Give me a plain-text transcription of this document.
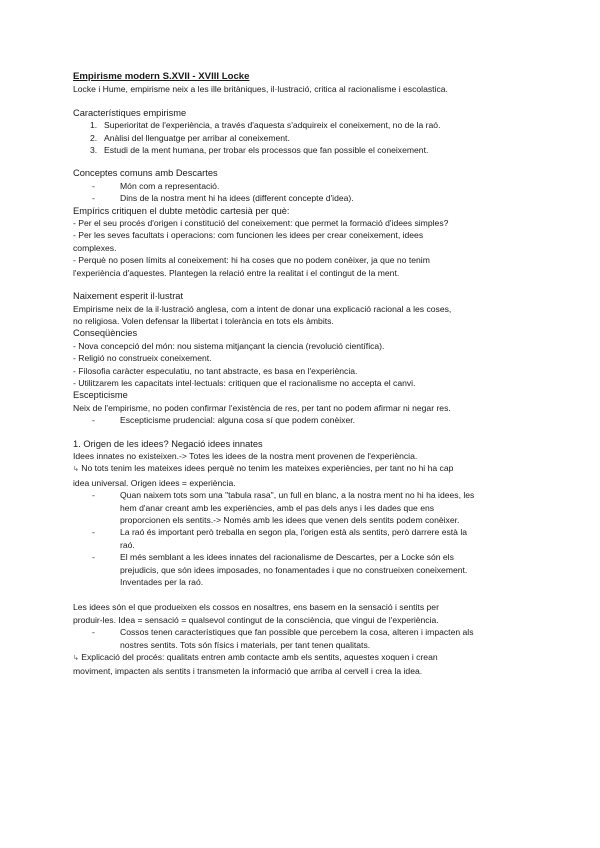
Empirisme modern S.XVII - XVIII Locke

Locke i Hume, empirisme neix a les ille britàniques, il·lustració, critica al racionalisme i escolastica.

Característiques empirisme

1. Superioritat de l'experiència, a través d'aquesta s'adquireix el coneixement, no de la raó.
2. Anàlisi del llenguatge per arribar al coneixement.
3. Estudi de la ment humana, per trobar els processos que fan possible el coneixement.

Conceptes comuns amb Descartes

-	Món com a representació.
-	Dins de la nostra ment hi ha idees (different concepte d'idea).

Empírics critiquen el dubte metòdic cartesià per què:

- Per el seu procés d'origen i constitució del coneixement: que permet la formació d'idees simples?

- Per les seves facultats i operacions: com funcionen les idees per crear coneixement, idees

complexes.

- Perquè no posen límits al coneixement: hi ha coses que no podem conèixer, ja que no tenim

l'experiència d'aquestes. Plantegen la relació entre la realitat i el contingut de la ment.

Naixement esperit il·lustrat

Empirisme neix de la il·lustració anglesa, com a intent de donar una explicació racional a les coses,

no religiosa. Volen defensar la llibertat i tolerància en tots els àmbits.

Conseqüències

- Nova concepció del món: nou sistema mitjançant la ciencia (revolució científica).

- Religió no construeix coneixement.

- Filosofia caràcter especulatiu, no tant abstracte, es basa en l'experiència.

- Utilitzarem les capacitats intel·lectuals: critiquen que el racionalisme no accepta el canvi.

Escepticisme

Neix de l'empirisme, no poden confirmar l'existència de res, per tant no podem afirmar ni negar res.

-	Escepticisme prudencial: alguna cosa sí que podem conèixer.

1. Origen de les idees? Negació idees innates

Idees innates no existeixen.-> Totes les idees de la nostra ment provenen de l'experiència.

↳ No tots tenim les mateixes idees perquè no tenim les mateixes experiències, per tant no hi ha cap

idea universal. Origen idees = experiència.

-	Quan naixem tots som una "tabula rasa", un full en blanc, a la nostra ment no hi ha idees, les
hem d'anar creant amb les experiències, amb el pas dels anys i les dades que ens
proporcionen els sentits.-> Només amb les idees que venen dels sentits podem conèixer.
-	La raó és important però treballa en segon pla, l'origen està als sentits, però darrere està la
raó.
-	El més semblant a les idees innates del racionalisme de Descartes, per a Locke són els
prejudicis, que són idees imposades, no fonamentades i que no construeixen coneixement.
Inventades per la raó.

Les idees són el que produeixen els cossos en nosaltres, ens basem en la sensació i sentits per

produir-les. Idea = sensació = qualsevol contingut de la consciència, que vingui de l'experiència.

-	Cossos tenen característiques que fan possible que percebem la cosa, alteren i impacten als
nostres sentits. Tots són físics i materials, per tant tenen qualitats.

↳ Explicació del procés: qualitats entren amb contacte amb els sentits, aquestes xoquen i crean

moviment, impacten als sentits i transmeten la informació que arriba al cervell i crea la idea.
